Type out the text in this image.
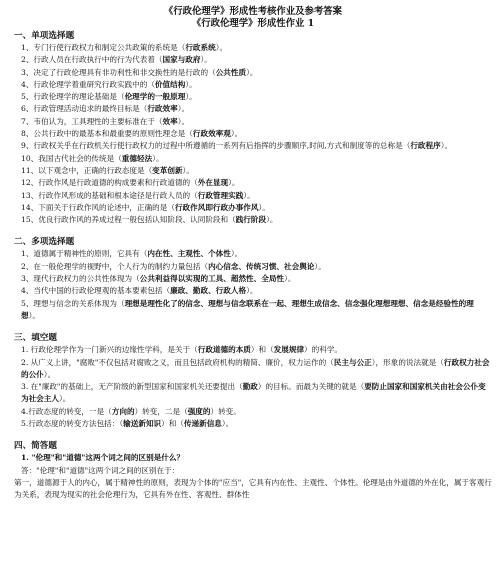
《行政伦理学》形成性考核作业及参考答案

《行政伦理学》形成性作业 1

一、单项选择题

1、专门行使行政权力和制定公共政策的系统是（行政系统）。

2、行政人员在行政执行中的行为代表着（国家与政府）。

3、决定了行政伦理具有非功利性和非交换性的是行政的（公共性质）。

4、行政伦理学着重研究行政实践中的（价值结构）。

5、行政伦理学的理论基础是（伦理学的一般原理）。

6、行政管理活动追求的最终目标是（行政效率）。

7、韦伯认为，工具理性的主要标准在于（效率）。

8、公共行政中的最基本和最重要的原则性理念是（行政效率观）。

9、行政权关乎在行政机关行使行政权力的过程中所遵循的一系列有后指挥的步骤顺序,时间,方式和制度等的总称是（行政程序）。

10、我国古代社会的传统是（重德轻法）。

11、以下观念中，正确的行政态度是（变革创新）。

12、行政作风是行政道德的构成要素和行政道德的（外在显现）。

13、行政作风形成的基础和根本途径是行政人员的（行政管理实践）。

14、下面关于行政作风的论述中，正确的是（行政作风即行政办事作风）。

15、优良行政作风的养成过程一般包括认知阶段、认同阶段和（践行阶段）。

二、多项选择题

1、道德属于精神性的原则，它具有（内在性、主观性、个体性）。

2、在一般伦理学的视野中，个人行为的制约力量包括（内心信念、传统习惯、社会舆论）。

3、现代行政权力的公共性体现为（公共利益得以实现的工具、超然性、全局性）。

4、当代中国的行政伦理观的基本要素包括（廉政、勤政、行政人格）。

5、理想与信念的关系体现为（理想是理性化了的信念、理想与信念联系在一起、理想生成信念、信念强化理想理想、信念是经验性的理想）。

三、填空题

1. 行政伦理学作为一门新兴的边缘性学科，是关于（行政道德的本质）和（发展规律）的科学。

2. 从广义上讲，"腐败"不仅包括对腐败之义，而且包括政府机构的精简、廉价，权力运作的（民主与公正），形象的说法就是（行政权力社会的公仆）。

3. 在"廉政"的基础上，无产阶级的新型国家和国家机关还要提出（勤政）的目标。而最为关键的就是（要防止国家和国家机关由社会公仆变为社会主人）。

4.行政态度的转变，一是（方向的）转变，二是（强度的）转变。

5.行政态度的转变方法包括：（输送新知识）和（传递新信息）。

四、简答题

1. "伦理"和"道德"这两个词之间的区别是什么？

答："伦理"和"道德"这两个词之间的区别在于：

第一，道德源于人的内心，属于精神性的原则，表现为个体的"应当"，它具有内在性、主观性、个体性。伦理是由外道德的外在化，属于客观行为关系，表现为现实的社会伦理行为，它具有外在性、客观性、群体性
